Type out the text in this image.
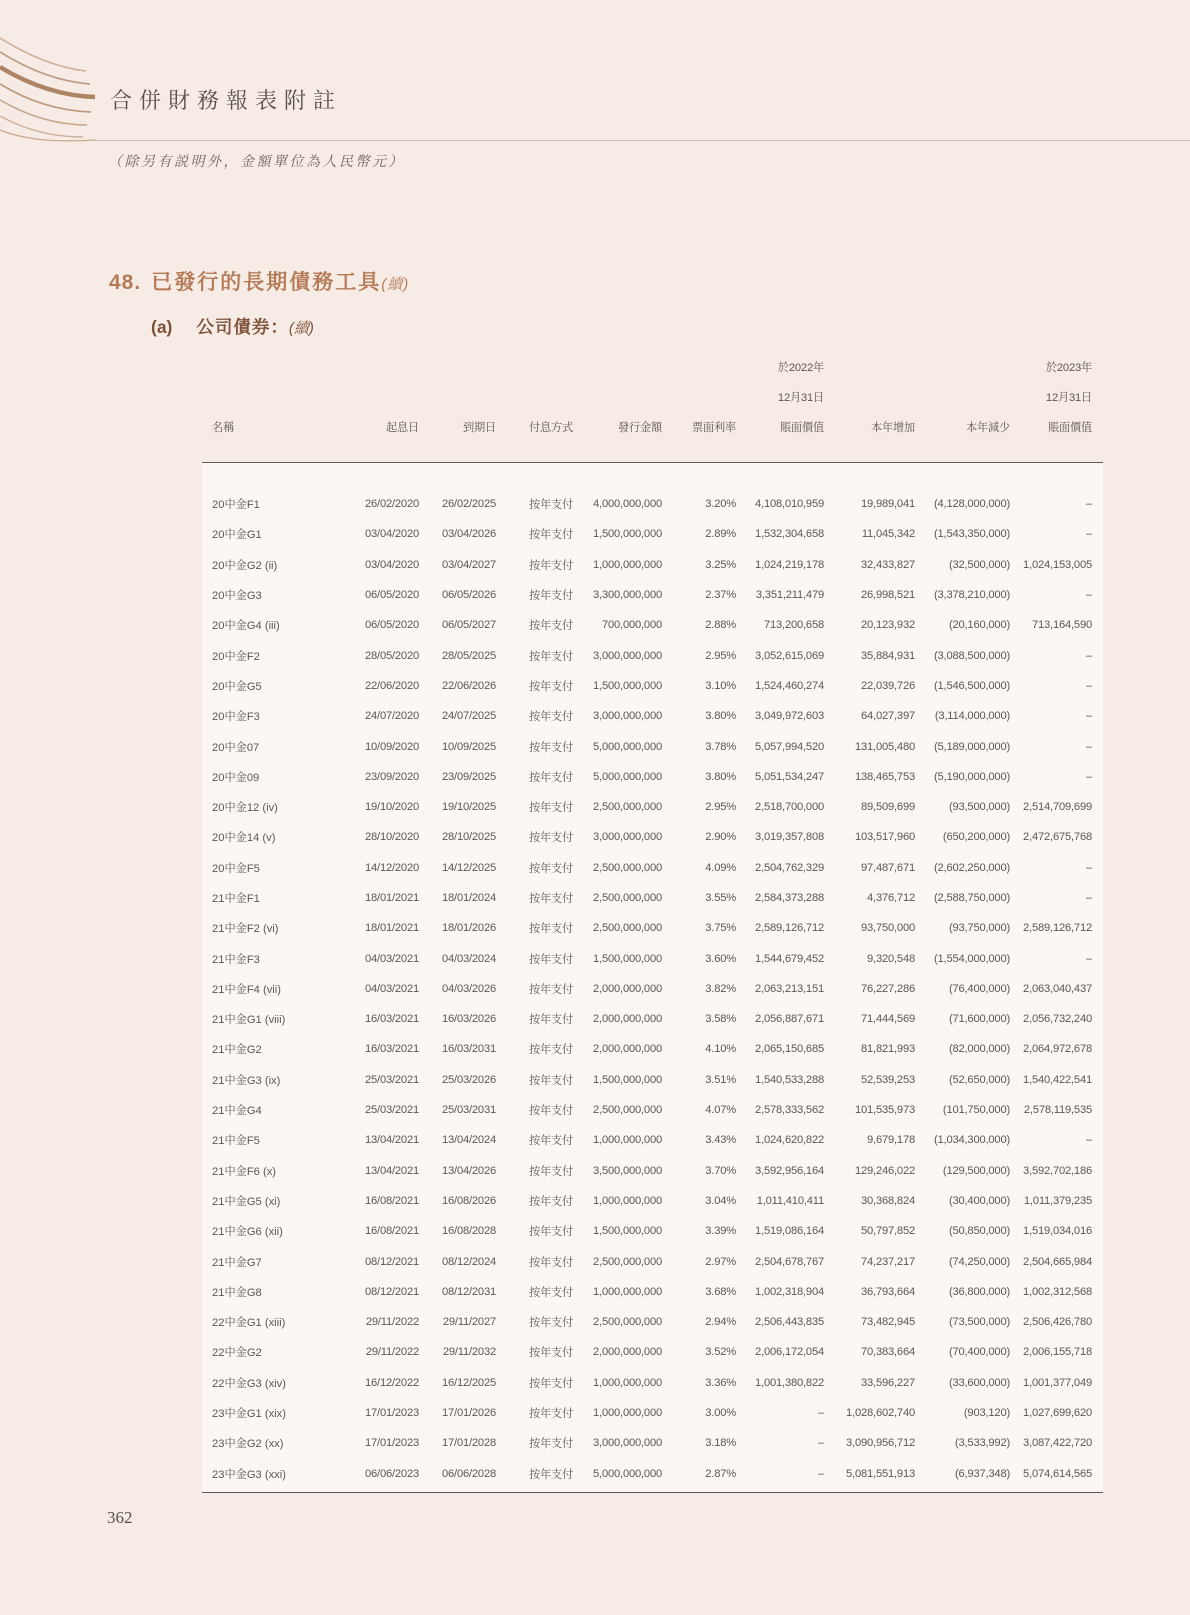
合併財務報表附註
（除另有説明外，金額單位為人民幣元）
48. 已發行的長期債務工具(續)
(a) 公司債券：(續)
						於2022年			於2023年
						12月31日			12月31日
名稱	起息日	到期日	付息方式	發行金額	票面利率	賬面價值	本年增加	本年減少	賬面價值
20中金F1	26/02/2020	26/02/2025	按年支付	4,000,000,000	3.20%	4,108,010,959	19,989,041	(4,128,000,000)	–
20中金G1	03/04/2020	03/04/2026	按年支付	1,500,000,000	2.89%	1,532,304,658	11,045,342	(1,543,350,000)	–
20中金G2 (ii)	03/04/2020	03/04/2027	按年支付	1,000,000,000	3.25%	1,024,219,178	32,433,827	(32,500,000)	1,024,153,005
20中金G3	06/05/2020	06/05/2026	按年支付	3,300,000,000	2.37%	3,351,211,479	26,998,521	(3,378,210,000)	–
20中金G4 (iii)	06/05/2020	06/05/2027	按年支付	700,000,000	2.88%	713,200,658	20,123,932	(20,160,000)	713,164,590
20中金F2	28/05/2020	28/05/2025	按年支付	3,000,000,000	2.95%	3,052,615,069	35,884,931	(3,088,500,000)	–
20中金G5	22/06/2020	22/06/2026	按年支付	1,500,000,000	3.10%	1,524,460,274	22,039,726	(1,546,500,000)	–
20中金F3	24/07/2020	24/07/2025	按年支付	3,000,000,000	3.80%	3,049,972,603	64,027,397	(3,114,000,000)	–
20中金07	10/09/2020	10/09/2025	按年支付	5,000,000,000	3.78%	5,057,994,520	131,005,480	(5,189,000,000)	–
20中金09	23/09/2020	23/09/2025	按年支付	5,000,000,000	3.80%	5,051,534,247	138,465,753	(5,190,000,000)	–
20中金12 (iv)	19/10/2020	19/10/2025	按年支付	2,500,000,000	2.95%	2,518,700,000	89,509,699	(93,500,000)	2,514,709,699
20中金14 (v)	28/10/2020	28/10/2025	按年支付	3,000,000,000	2.90%	3,019,357,808	103,517,960	(650,200,000)	2,472,675,768
20中金F5	14/12/2020	14/12/2025	按年支付	2,500,000,000	4.09%	2,504,762,329	97,487,671	(2,602,250,000)	–
21中金F1	18/01/2021	18/01/2024	按年支付	2,500,000,000	3.55%	2,584,373,288	4,376,712	(2,588,750,000)	–
21中金F2 (vi)	18/01/2021	18/01/2026	按年支付	2,500,000,000	3.75%	2,589,126,712	93,750,000	(93,750,000)	2,589,126,712
21中金F3	04/03/2021	04/03/2024	按年支付	1,500,000,000	3.60%	1,544,679,452	9,320,548	(1,554,000,000)	–
21中金F4 (vii)	04/03/2021	04/03/2026	按年支付	2,000,000,000	3.82%	2,063,213,151	76,227,286	(76,400,000)	2,063,040,437
21中金G1 (viii)	16/03/2021	16/03/2026	按年支付	2,000,000,000	3.58%	2,056,887,671	71,444,569	(71,600,000)	2,056,732,240
21中金G2	16/03/2021	16/03/2031	按年支付	2,000,000,000	4.10%	2,065,150,685	81,821,993	(82,000,000)	2,064,972,678
21中金G3 (ix)	25/03/2021	25/03/2026	按年支付	1,500,000,000	3.51%	1,540,533,288	52,539,253	(52,650,000)	1,540,422,541
21中金G4	25/03/2021	25/03/2031	按年支付	2,500,000,000	4.07%	2,578,333,562	101,535,973	(101,750,000)	2,578,119,535
21中金F5	13/04/2021	13/04/2024	按年支付	1,000,000,000	3.43%	1,024,620,822	9,679,178	(1,034,300,000)	–
21中金F6 (x)	13/04/2021	13/04/2026	按年支付	3,500,000,000	3.70%	3,592,956,164	129,246,022	(129,500,000)	3,592,702,186
21中金G5 (xi)	16/08/2021	16/08/2026	按年支付	1,000,000,000	3.04%	1,011,410,411	30,368,824	(30,400,000)	1,011,379,235
21中金G6 (xii)	16/08/2021	16/08/2028	按年支付	1,500,000,000	3.39%	1,519,086,164	50,797,852	(50,850,000)	1,519,034,016
21中金G7	08/12/2021	08/12/2024	按年支付	2,500,000,000	2.97%	2,504,678,767	74,237,217	(74,250,000)	2,504,665,984
21中金G8	08/12/2021	08/12/2031	按年支付	1,000,000,000	3.68%	1,002,318,904	36,793,664	(36,800,000)	1,002,312,568
22中金G1 (xiii)	29/11/2022	29/11/2027	按年支付	2,500,000,000	2.94%	2,506,443,835	73,482,945	(73,500,000)	2,506,426,780
22中金G2	29/11/2022	29/11/2032	按年支付	2,000,000,000	3.52%	2,006,172,054	70,383,664	(70,400,000)	2,006,155,718
22中金G3 (xiv)	16/12/2022	16/12/2025	按年支付	1,000,000,000	3.36%	1,001,380,822	33,596,227	(33,600,000)	1,001,377,049
23中金G1 (xix)	17/01/2023	17/01/2026	按年支付	1,000,000,000	3.00%	–	1,028,602,740	(903,120)	1,027,699,620
23中金G2 (xx)	17/01/2023	17/01/2028	按年支付	3,000,000,000	3.18%	–	3,090,956,712	(3,533,992)	3,087,422,720
23中金G3 (xxi)	06/06/2023	06/06/2028	按年支付	5,000,000,000	2.87%	–	5,081,551,913	(6,937,348)	5,074,614,565
362
